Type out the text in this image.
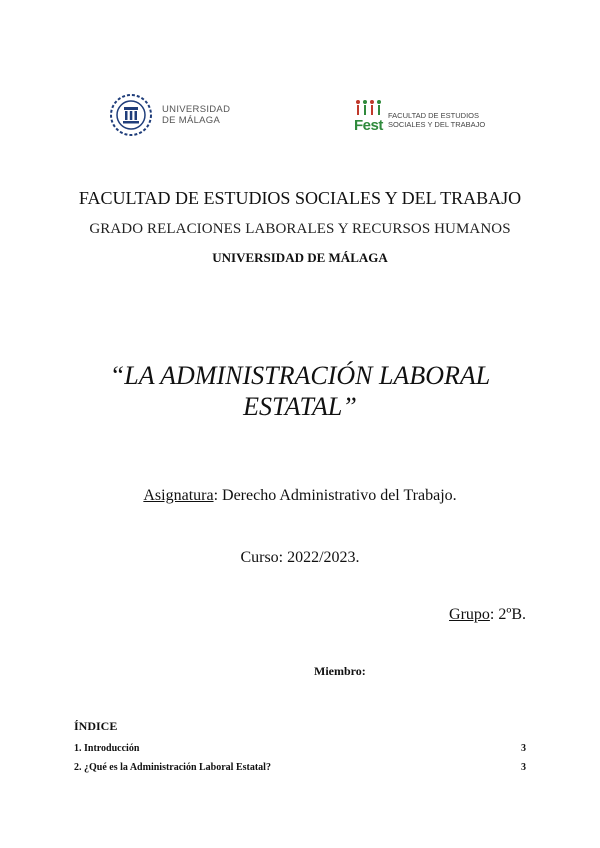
UNIVERSIDAD
DE MÁLAGA	Fest
FACULTAD DE ESTUDIOS
SOCIALES Y DEL TRABAJO
FACULTAD DE ESTUDIOS SOCIALES Y DEL TRABAJO
GRADO RELACIONES LABORALES Y RECURSOS HUMANOS
UNIVERSIDAD DE MÁLAGA
“LA ADMINISTRACIÓN LABORAL
ESTATAL”
Asignatura: Derecho Administrativo del Trabajo.
Curso: 2022/2023.
Grupo: 2ºB.
Miembro:
ÍNDICE
1. Introducción	3
2. ¿Qué es la Administración Laboral Estatal?	3
